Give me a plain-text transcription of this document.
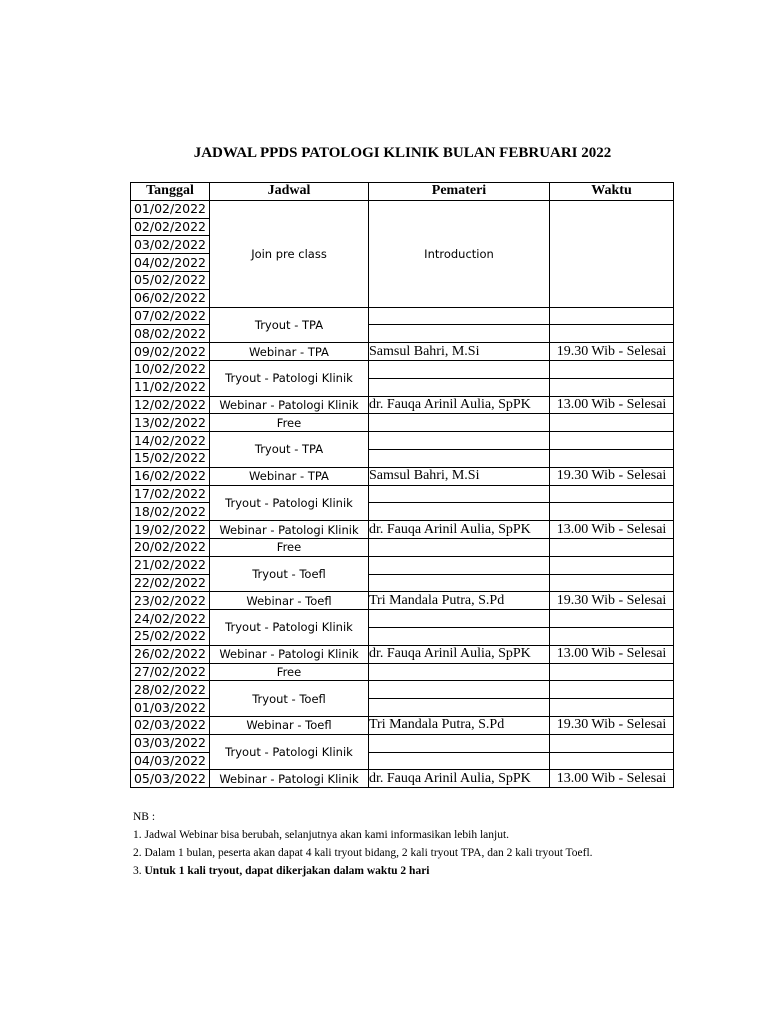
JADWAL PPDS PATOLOGI KLINIK BULAN FEBRUARI 2022
Tanggal	Jadwal	Pemateri	Waktu
01/02/2022	Join pre class	Introduction	
02/02/2022			
03/02/2022			
04/02/2022			
05/02/2022			
06/02/2022			
07/02/2022	Tryout - TPA		
08/02/2022			
09/02/2022	Webinar - TPA	Samsul Bahri, M.Si	19.30 Wib - Selesai
10/02/2022	Tryout - Patologi Klinik		
11/02/2022			
12/02/2022	Webinar - Patologi Klinik	dr. Fauqa Arinil Aulia, SpPK	13.00 Wib - Selesai
13/02/2022	Free		
14/02/2022	Tryout - TPA		
15/02/2022			
16/02/2022	Webinar - TPA	Samsul Bahri, M.Si	19.30 Wib - Selesai
17/02/2022	Tryout - Patologi Klinik		
18/02/2022			
19/02/2022	Webinar - Patologi Klinik	dr. Fauqa Arinil Aulia, SpPK	13.00 Wib - Selesai
20/02/2022	Free		
21/02/2022	Tryout - Toefl		
22/02/2022			
23/02/2022	Webinar - Toefl	Tri Mandala Putra, S.Pd	19.30 Wib - Selesai
24/02/2022	Tryout - Patologi Klinik		
25/02/2022			
26/02/2022	Webinar - Patologi Klinik	dr. Fauqa Arinil Aulia, SpPK	13.00 Wib - Selesai
27/02/2022	Free		
28/02/2022	Tryout - Toefl		
01/03/2022			
02/03/2022	Webinar - Toefl	Tri Mandala Putra, S.Pd	19.30 Wib - Selesai
03/03/2022	Tryout - Patologi Klinik		
04/03/2022			
05/03/2022	Webinar - Patologi Klinik	dr. Fauqa Arinil Aulia, SpPK	13.00 Wib - Selesai
NB :
1. Jadwal Webinar bisa berubah, selanjutnya akan kami informasikan lebih lanjut.
2. Dalam 1 bulan, peserta akan dapat 4 kali tryout bidang, 2 kali tryout TPA, dan 2 kali tryout Toefl.
3. Untuk 1 kali tryout, dapat dikerjakan dalam waktu 2 hari
